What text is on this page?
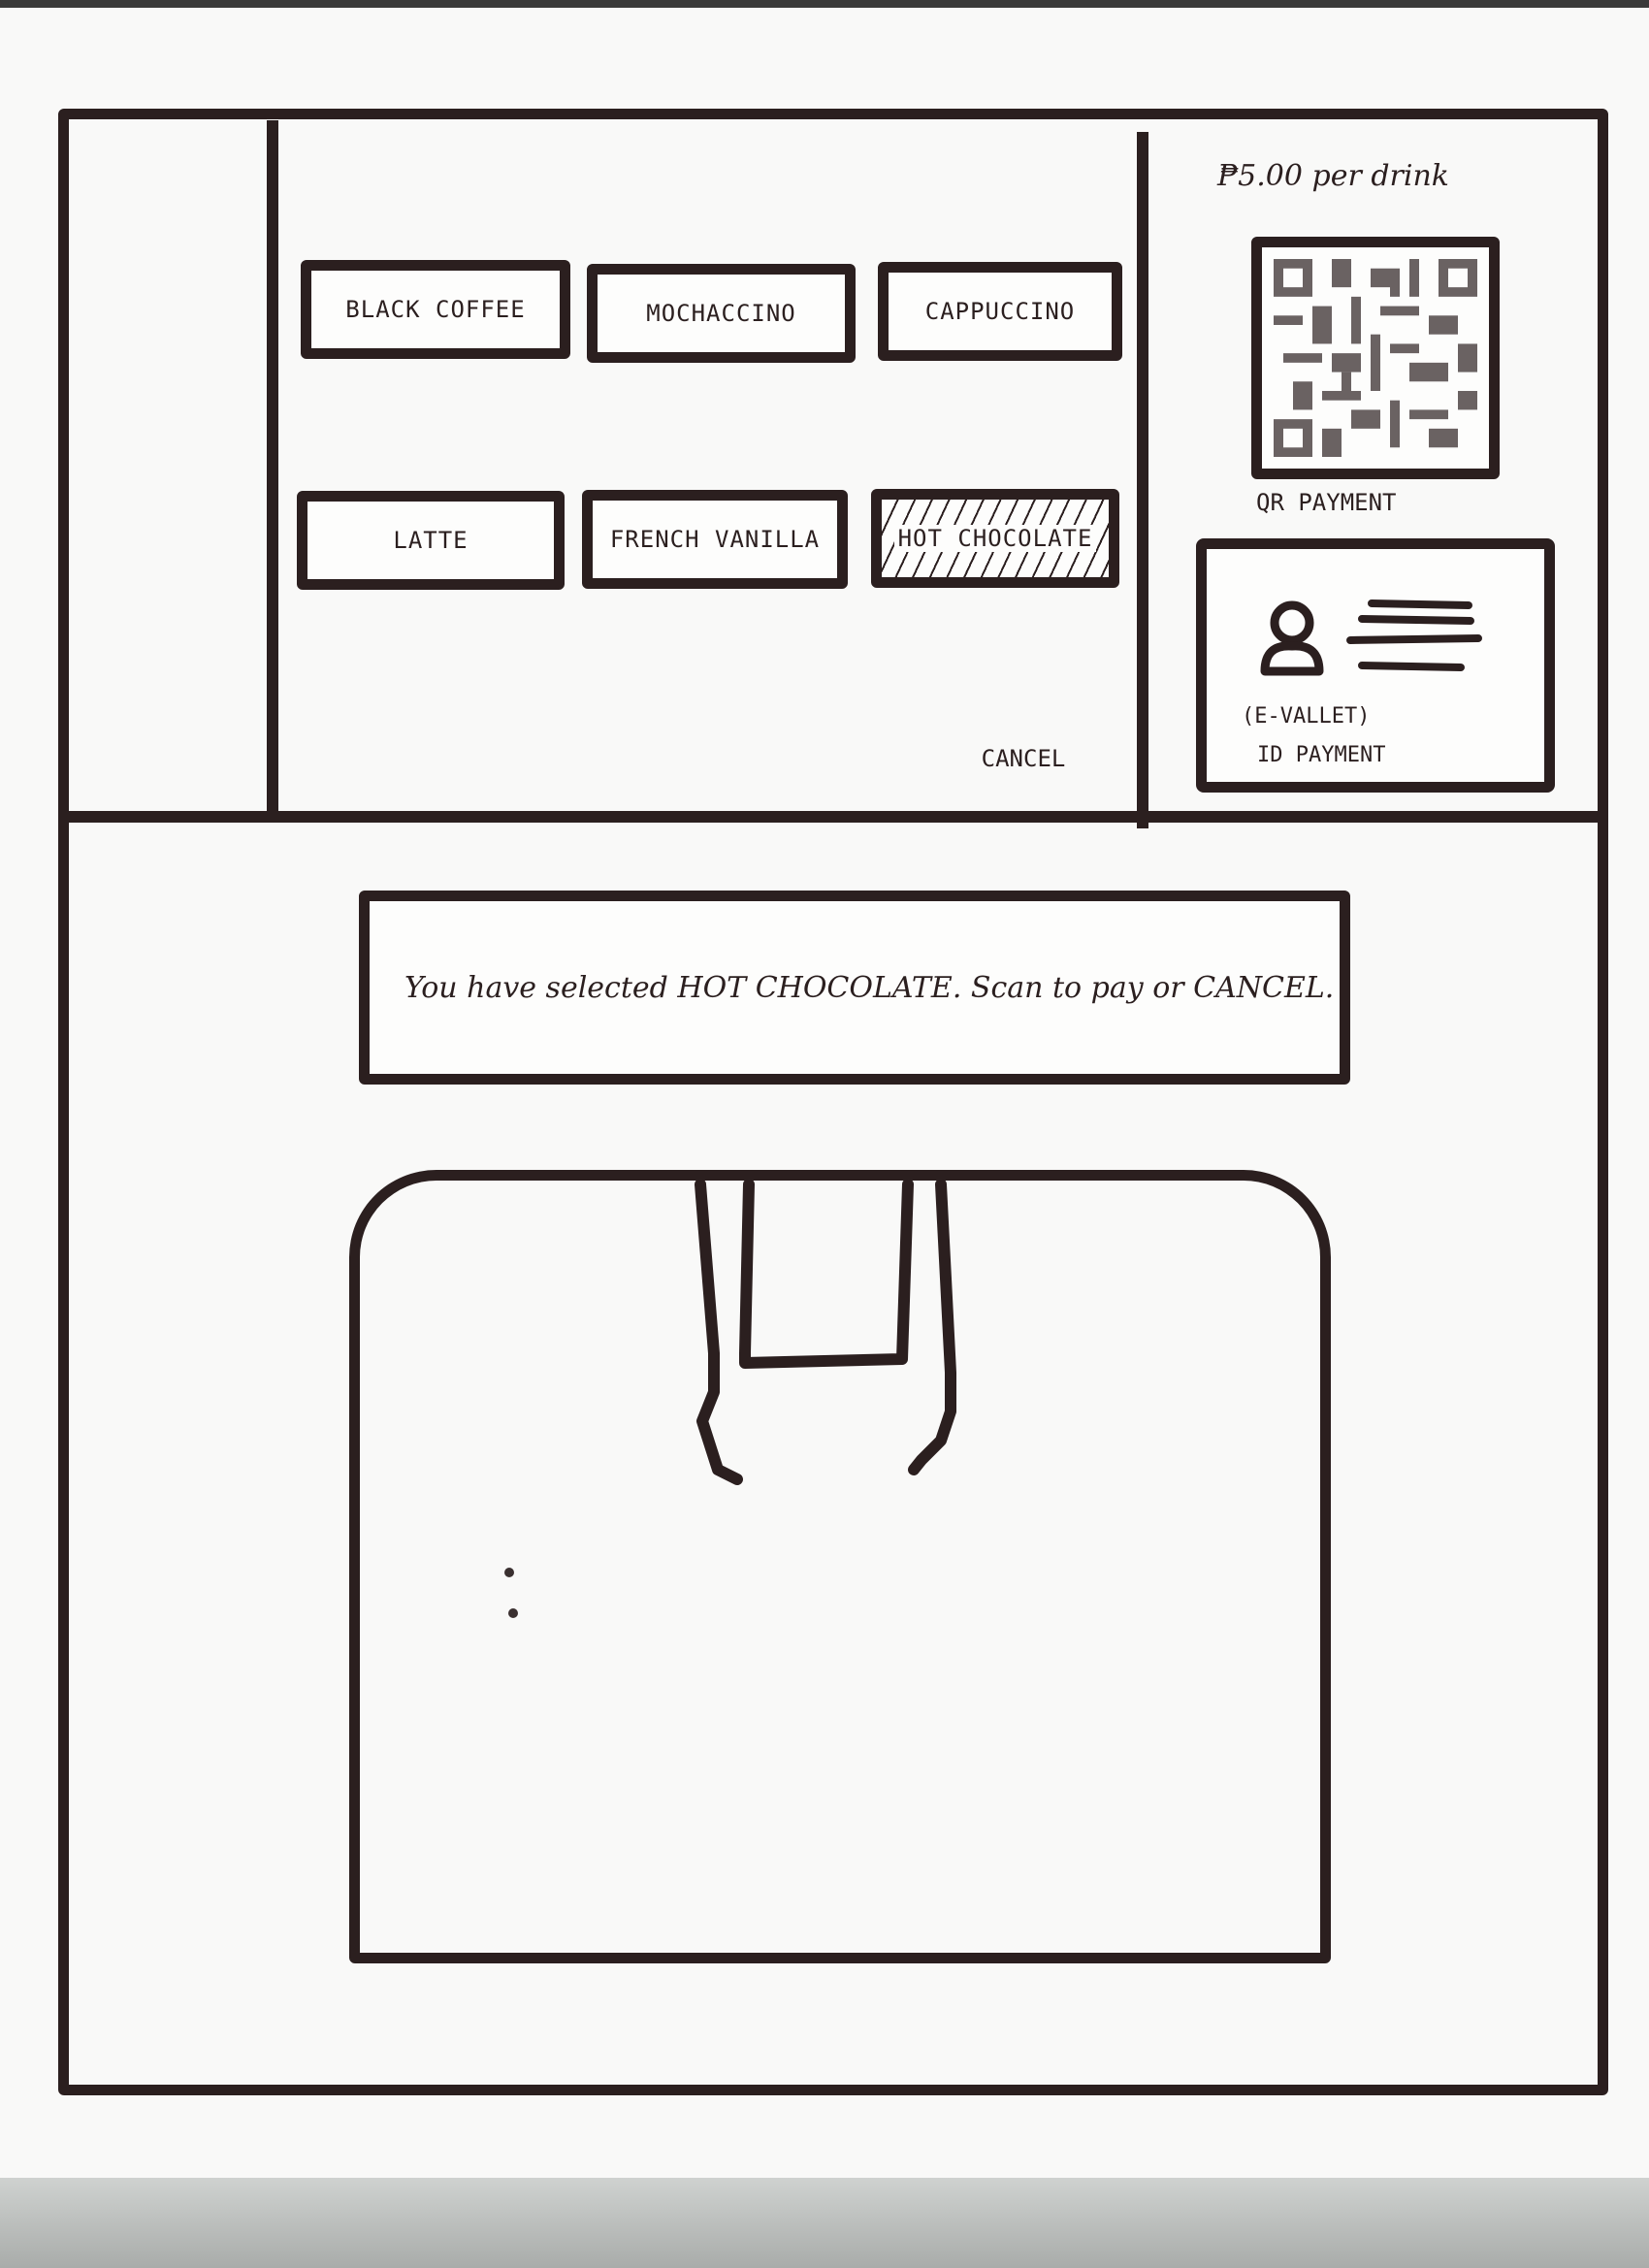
BLACK COFFEE	MOCHACCINO	CAPPUCCINO
LATTE	FRENCH VANILLA	HOT CHOCOLATE
CANCEL
₱5.00 per drink
QR PAYMENT
(E-VALLET)
ID PAYMENT
You have selected HOT CHOCOLATE. Scan to pay or CANCEL.
